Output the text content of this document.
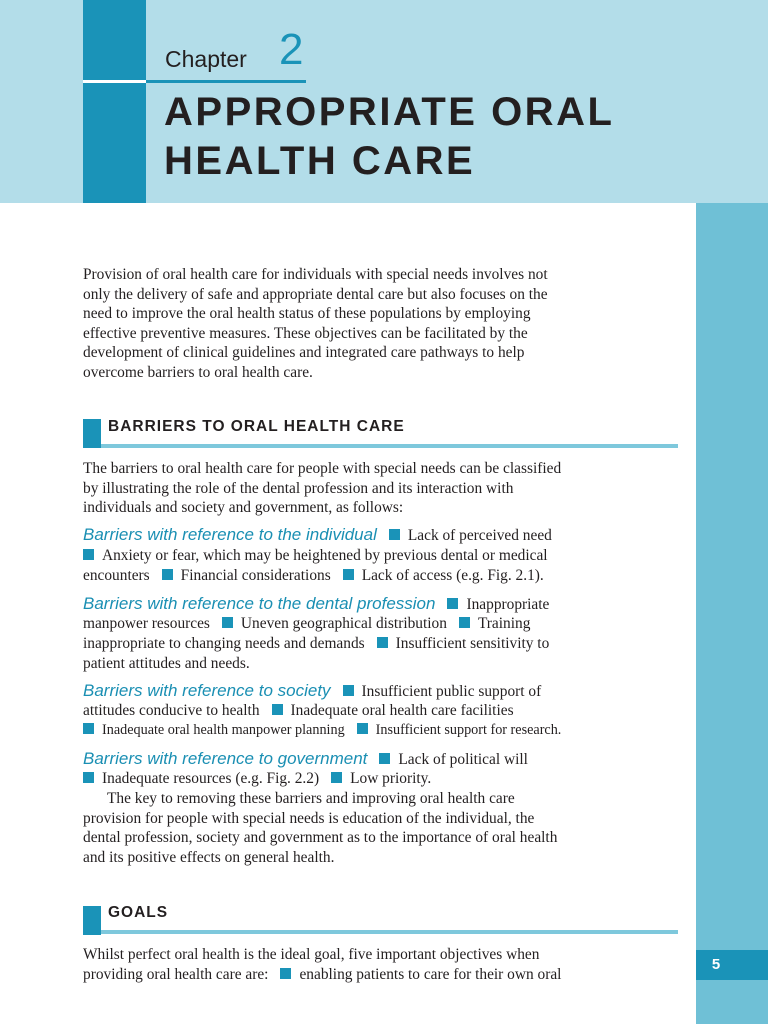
Chapter 2
APPROPRIATE ORAL
HEALTH CARE
5
Provision of oral health care for individuals with special needs involves not
only the delivery of safe and appropriate dental care but also focuses on the
need to improve the oral health status of these populations by employing
effective preventive measures. These objectives can be facilitated by the
development of clinical guidelines and integrated care pathways to help
overcome barriers to oral health care.
BARRIERS TO ORAL HEALTH CARE
The barriers to oral health care for people with special needs can be classified
by illustrating the role of the dental profession and its interaction with
individuals and society and government, as follows:
Barriers with reference to the individual Lack of perceived need
Anxiety or fear, which may be heightened by previous dental or medical
encounters Financial considerations Lack of access (e.g. Fig. 2.1).
Barriers with reference to the dental profession Inappropriate
manpower resources Uneven geographical distribution Training
inappropriate to changing needs and demands Insufficient sensitivity to
patient attitudes and needs.
Barriers with reference to society Insufficient public support of
attitudes conducive to health Inadequate oral health care facilities
Inadequate oral health manpower planning Insufficient support for research.
Barriers with reference to government Lack of political will
Inadequate resources (e.g. Fig. 2.2) Low priority.
The key to removing these barriers and improving oral health care
provision for people with special needs is education of the individual, the
dental profession, society and government as to the importance of oral health
and its positive effects on general health.
GOALS
Whilst perfect oral health is the ideal goal, five important objectives when
providing oral health care are: enabling patients to care for their own oral
